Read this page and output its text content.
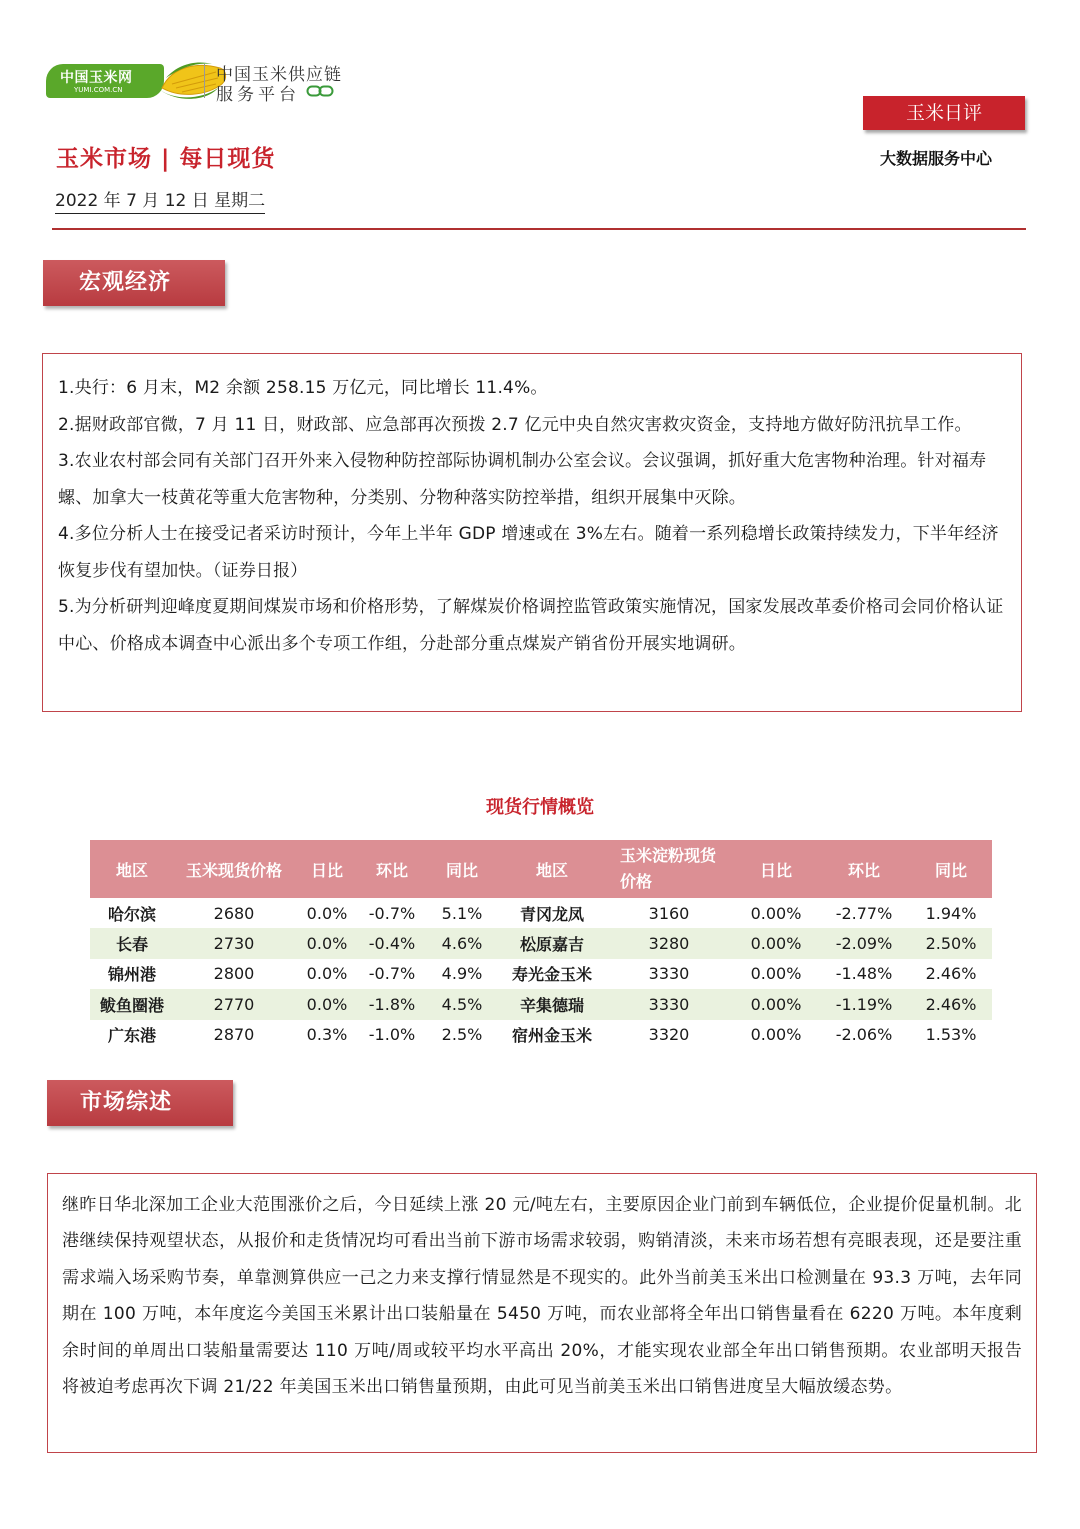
中国玉米网
YUMI.COM.CN
中国玉米供应链
服务平台
玉米日评
大数据服务中心
玉米市场 | 每日现货
2022 年 7 月 12 日 星期二
宏观经济

1.央行：6 月末，M2 余额 258.15 万亿元，同比增长 11.4%。

2.据财政部官微，7 月 11 日，财政部、应急部再次预拨 2.7 亿元中央自然灾害救灾资金，支持地方做好防汛抗旱工作。

3.农业农村部会同有关部门召开外来入侵物种防控部际协调机制办公室会议。会议强调，抓好重大危害物种治理。针对福寿螺、加拿大一枝黄花等重大危害物种，分类别、分物种落实防控举措，组织开展集中灭除。

4.多位分析人士在接受记者采访时预计，今年上半年 GDP 增速或在 3%左右。随着一系列稳增长政策持续发力，下半年经济恢复步伐有望加快。（证券日报）

5.为分析研判迎峰度夏期间煤炭市场和价格形势，了解煤炭价格调控监管政策实施情况，国家发展改革委价格司会同价格认证中心、价格成本调查中心派出多个专项工作组，分赴部分重点煤炭产销省份开展实地调研。

现货行情概览
地区	玉米现货价格	日比	环比	同比	地区	玉米淀粉现货价格	日比	环比	同比
哈尔滨	2680	0.0%	-0.7%	5.1%	青冈龙凤	3160	0.00%	-2.77%	1.94%
长春	2730	0.0%	-0.4%	4.6%	松原嘉吉	3280	0.00%	-2.09%	2.50%
锦州港	2800	0.0%	-0.7%	4.9%	寿光金玉米	3330	0.00%	-1.48%	2.46%
鲅鱼圈港	2770	0.0%	-1.8%	4.5%	辛集德瑞	3330	0.00%	-1.19%	2.46%
广东港	2870	0.3%	-1.0%	2.5%	宿州金玉米	3320	0.00%	-2.06%	1.53%
市场综述

继昨日华北深加工企业大范围涨价之后，今日延续上涨 20 元/吨左右，主要原因企业门前到车辆低位，企业提价促量机制。北港继续保持观望状态，从报价和走货情况均可看出当前下游市场需求较弱，购销清淡，未来市场若想有亮眼表现，还是要注重需求端入场采购节奏，单靠测算供应一己之力来支撑行情显然是不现实的。此外当前美玉米出口检测量在 93.3 万吨，去年同期在 100 万吨，本年度迄今美国玉米累计出口装船量在 5450 万吨，而农业部将全年出口销售量看在 6220 万吨。本年度剩余时间的单周出口装船量需要达 110 万吨/周或较平均水平高出 20%，才能实现农业部全年出口销售预期。农业部明天报告将被迫考虑再次下调 21/22 年美国玉米出口销售量预期，由此可见当前美玉米出口销售进度呈大幅放缓态势。
